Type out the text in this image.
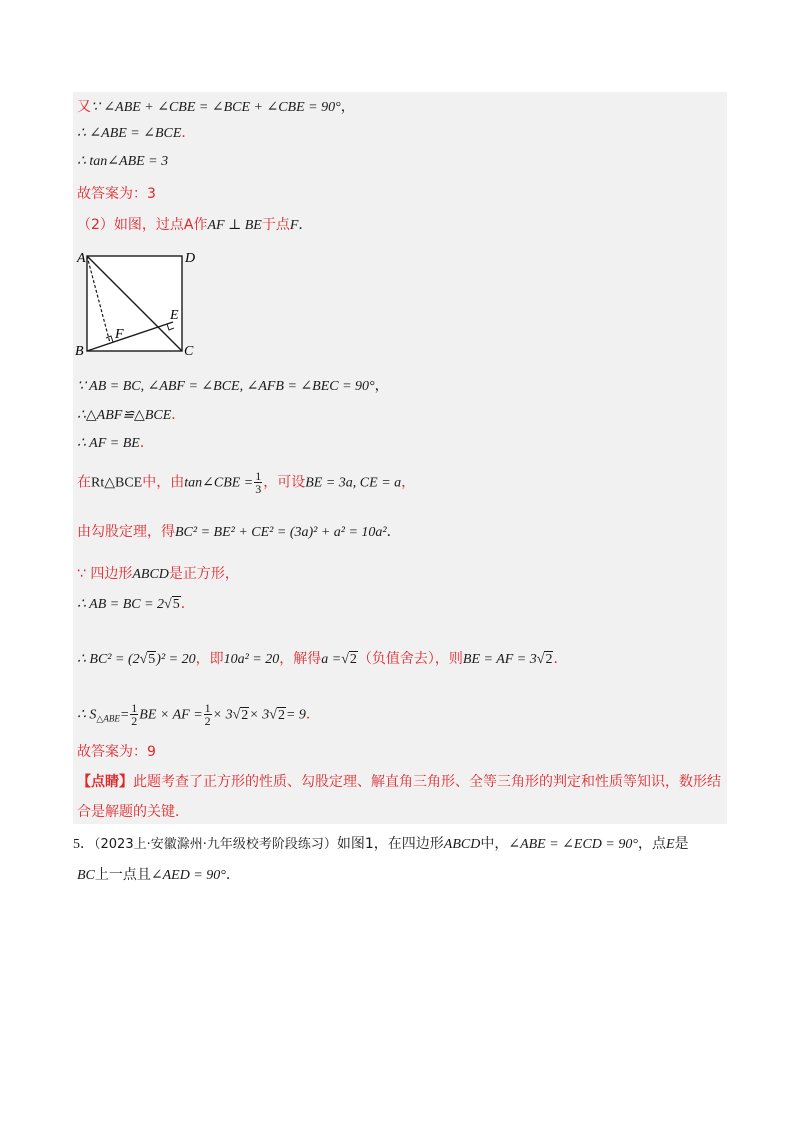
又∵ ∠ABE + ∠CBE = ∠BCE + ∠CBE = 90°，
∴ ∠ABE = ∠BCE．
∴ tan∠ABE = 3
故答案为：3
（2）如图，过点A作AF ⊥ BE于点F．
A	D
B	C
E
F
∵ AB = BC, ∠ABF = ∠BCE, ∠AFB = ∠BEC = 90°，
∴△ABF≌△BCE．
∴ AF = BE．
在Rt△BCE中，由tan∠CBE = $\frac{1}{3}$ ，可设BE = 3a, CE = a，
由勾股定理，得BC² = BE² + CE² = (3a)² + a² = 10a²．
∵ 四边形ABCD是正方形，
∴ AB = BC = 2√5．
∴ BC² = (2√5)² = 20，即10a² = 20，解得a =√2（负值舍去），则BE = AF = 3√2．
∴ $S_{\triangle ABE}= \frac{1}{2}$ BE × AF = $\frac{1}{2} \times 3√2\times 3√2= 9$．
故答案为：9
【点睛】此题考查了正方形的性质、勾股定理、解直角三角形、全等三角形的判定和性质等知识，数形结
合是解题的关键．
5．（2023上·安徽滁州·九年级校考阶段练习）如图1，在四边形ABCD中，∠ABE = ∠ECD = 90°，点E是
BC上一点且∠AED = 90°．
